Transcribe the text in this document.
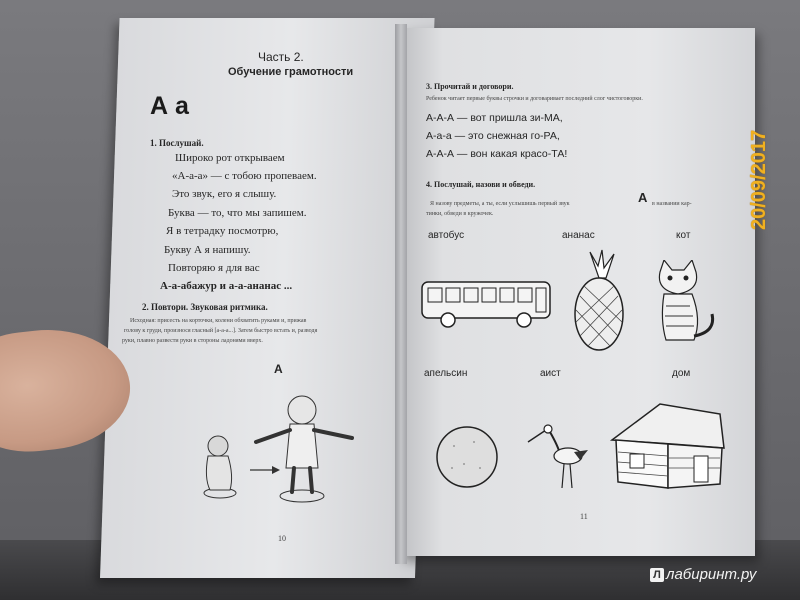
Часть 2.
Обучение грамотности
А а
1. Послушай.
Широко рот открываем
«А-а-а» — с тобою пропеваем.
Это звук, его я слышу.
Буква — то, что мы запишем.
Я в тетрадку посмотрю,
Букву А я напишу.
Повторяю я для вас
А-а-абажур и а-а-ананас ...
2. Повтори. Звуковая ритмика.
Исходная: присесть на корточки, колени обхватить руками и, прижав
голову к груди, произнося гласный [а-а-а...]. Затем быстро встать и, разводя
руки, плавно развести руки в стороны ладонями вверх.
А
10
3. Прочитай и договори.
Ребенок читает первые буквы строчки и договаривает последний слог чистоговорки.
А-А-А — вот пришла зи-МА,
А-а-а — это снежная го-РА,
А-А-А — вон какая красо-ТА!
4. Послушай, назови и обведи.
Я назову предметы, а ты, если услышишь первый звук	А в названии кар-
тинки, обведи в кружочек.
автобус	ананас	кот
апельсин	аист	дом
11
20/09/2017
Л лабиринт.ру
